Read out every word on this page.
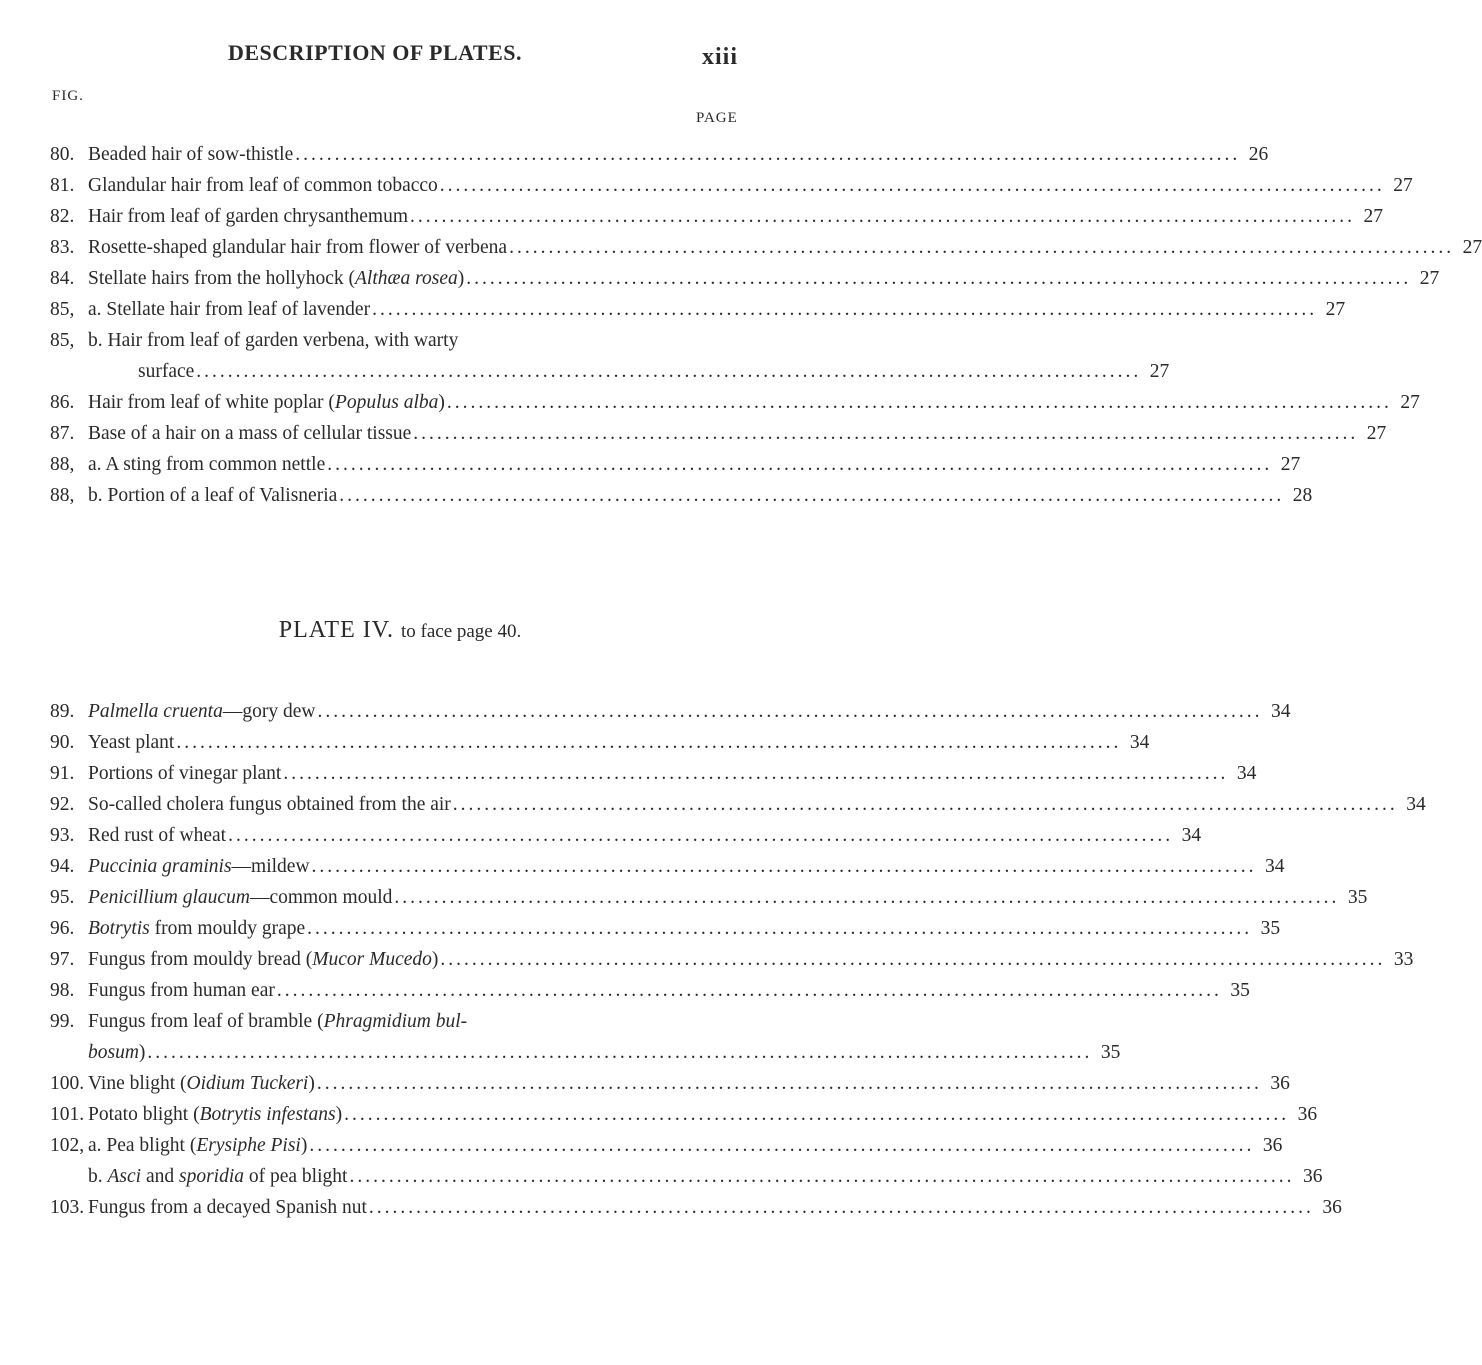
DESCRIPTION OF PLATES.	xiii
FIG.
PAGE
80. Beaded hair of sow-thistle ........................................................................................................................ 26
81. Glandular hair from leaf of common tobacco ........................................................................................................................ 27
82. Hair from leaf of garden chrysanthemum ........................................................................................................................ 27
83. Rosette-shaped glandular hair from flower of verbena ........................................................................................................................ 27
84. Stellate hairs from the hollyhock (Althæa rosea) ........................................................................................................................ 27
85, a. Stellate hair from leaf of lavender ........................................................................................................................ 27
85, b. Hair from leaf of garden verbena, with warty
surface ........................................................................................................................ 27
86. Hair from leaf of white poplar (Populus alba) ........................................................................................................................ 27
87. Base of a hair on a mass of cellular tissue ........................................................................................................................ 27
88, a. A sting from common nettle ........................................................................................................................ 27
88, b. Portion of a leaf of Valisneria ........................................................................................................................ 28
PLATE IV. to face page 40.
89. Palmella cruenta—gory dew ........................................................................................................................ 34
90. Yeast plant ........................................................................................................................ 34
91. Portions of vinegar plant ........................................................................................................................ 34
92. So-called cholera fungus obtained from the air ........................................................................................................................ 34
93. Red rust of wheat ........................................................................................................................ 34
94. Puccinia graminis—mildew ........................................................................................................................ 34
95. Penicillium glaucum—common mould ........................................................................................................................ 35
96. Botrytis from mouldy grape ........................................................................................................................ 35
97. Fungus from mouldy bread (Mucor Mucedo) ........................................................................................................................ 33
98. Fungus from human ear ........................................................................................................................ 35
99. Fungus from leaf of bramble (Phragmidium bul-
bosum) ........................................................................................................................ 35
100. Vine blight (Oidium Tuckeri) ........................................................................................................................ 36
101. Potato blight (Botrytis infestans) ........................................................................................................................ 36
102, a. Pea blight (Erysiphe Pisi) ........................................................................................................................ 36
b. Asci and sporidia of pea blight ........................................................................................................................ 36
103. Fungus from a decayed Spanish nut ........................................................................................................................ 36
